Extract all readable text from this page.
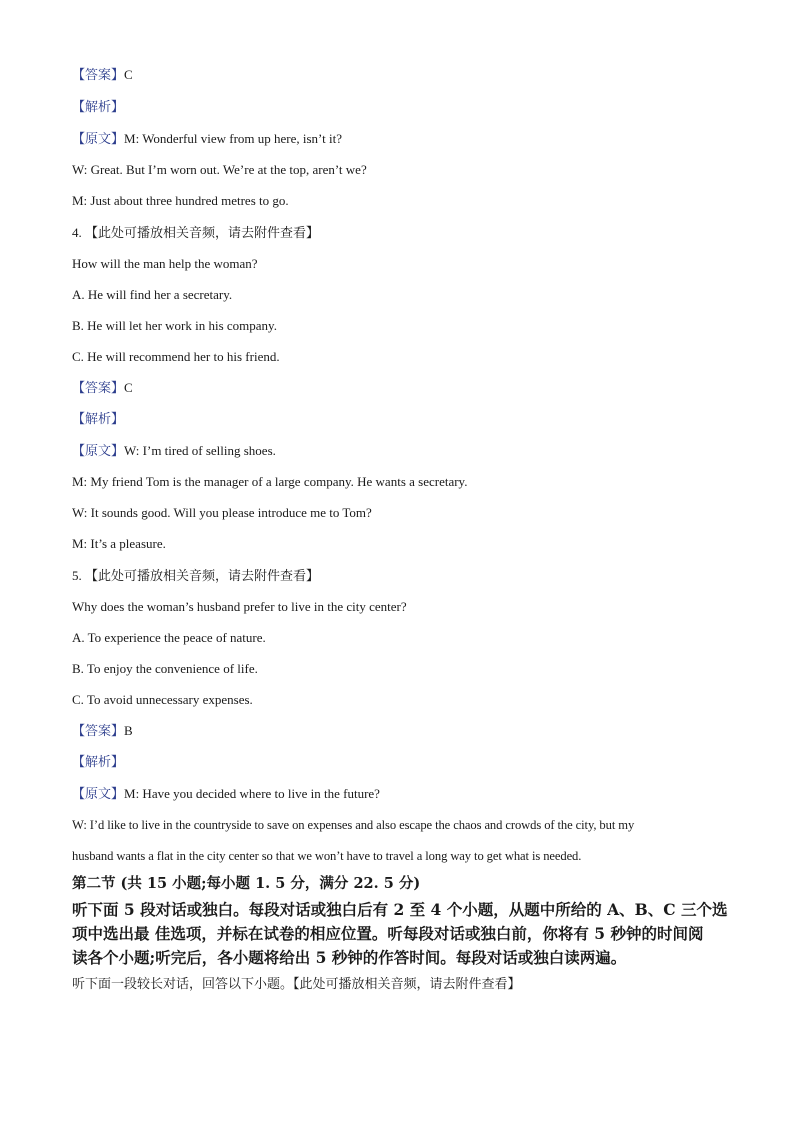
【答案】C
【解析】
【原文】M: Wonderful view from up here, isn’t it?
W: Great. But I’m worn out. We’re at the top, aren’t we?
M: Just about three hundred metres to go.
4. 【此处可播放相关音频，请去附件查看】
How will the man help the woman?
A. He will find her a secretary.
B. He will let her work in his company.
C. He will recommend her to his friend.
【答案】C
【解析】
【原文】W: I’m tired of selling shoes.
M: My friend Tom is the manager of a large company. He wants a secretary.
W: It sounds good. Will you please introduce me to Tom?
M: It’s a pleasure.
5. 【此处可播放相关音频，请去附件查看】
Why does the woman’s husband prefer to live in the city center?
A. To experience the peace of nature.
B. To enjoy the convenience of life.
C. To avoid unnecessary expenses.
【答案】B
【解析】
【原文】M: Have you decided where to live in the future?
W: I’d like to live in the countryside to save on expenses and also escape the chaos and crowds of the city, but my
husband wants a flat in the city center so that we won’t have to travel a long way to get what is needed.
第二节 (共 15 小题;每小题 1. 5 分，满分 22. 5 分)
听下面 5 段对话或独白。每段对话或独白后有 2 至 4 个小题，从题中所给的 A、B、C 三个选
项中选出最 佳选项，并标在试卷的相应位置。听每段对话或独白前，你将有 5 秒钟的时间阅
读各个小题;听完后，各小题将给出 5 秒钟的作答时间。每段对话或独白读两遍。
听下面一段较长对话，回答以下小题。【此处可播放相关音频，请去附件查看】
